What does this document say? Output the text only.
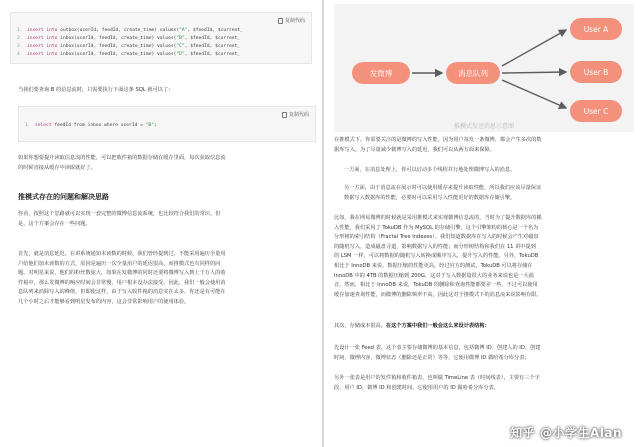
复制代码
1 insert into outbox(userId, feedId, create_time) values("A", $feedId, $current_
2 insert into inbox(userId, feedId, create_time) values("B", $feedId, $current_
3 insert into inbox(userId, feedId, create_time) values("C", $feedId, $current_
4 insert into inbox(userId, feedId, create_time) values("D", $feedId, $current_
当我们要查询 B 的信息流时，只需要执行下面这条 SQL 就可以了：
复制代码
1 select feedId from inbox where userId = "B";
如果你想要提升读取信息流的性能，可以把收件箱的数据存储在缓存里面，每次获取信息流
的时候直接从缓存中读取就好了。
推模式存在的问题和解决思路
你看，按照这个思路就可以实现一套完整的微博信息流系统，也比较符合我们的常识。但
是，这个方案会存在一些问题。
首先，就是消息延迟。在讲系统通知未读数的时候，我们曾经提到过，不能采用遍历全量用
户给他们加未读数的方式，原因是遍历一次全量用户的延迟很高，而推模式也有同样的问
题。对明星来说，他们的粉丝数庞大，如果在发微博的同时还要将微博写入到上千万人的收
件箱中，那么发微博的响应时间会非常慢，用户根本没办法接受。因此，我们一般会使用消
息队列来消除写入的峰值，但即使这样，由于写入收件箱的消息实在太多，你还是有可能在
几个小时之后才能够看到明星发布的内容，这会非常影响用户的使用体验。
发微博	消息队列
User A
User B
User C
推模式发送消息示意图
在推模式下，你需要关注的是微博的写入性能。因为用户每发一条微博，都会产生多次的数
据库写入。为了尽量减少微博写入的延迟，我们可以从两方面来保障。
一方面，在消息处理上，你可以启动多个线程并行地处理微博写入的消息。
另一方面，由于消息流在展示时可以使用缓存来提升读取性能，所以我们应该尽量保证
数据写入数据库的性能，必要时可以采用写入性能更好的数据库存储引擎。
比如，我在网易微博的时候就是采用推模式来实现微博信息流的。当时为了提升数据库的插
入性能，我们采用了 TokuDB 作为 MySQL 的存储引擎，这个引擎架构的核心是一个名为
分形树的索引结构（Fractal Tree Indexes）。我们知道数据库在写入的时候会产生对磁盘
的随机写入，造成磁盘寻道，影响数据写入的性能；而分形树结构和我们在 11 讲中提到
的 LSM 一样，可以将数据的随机写入转换成顺序写入，提升写入的性能。另外，TokuDB
相比于 InnoDB 来说，数据压缩的性能更高，经过官方的测试，TokuDB 可以将存储在
InnoDB 中的 4TB 的数据压缩到 200G，这对于写入数据量很大的业务来说也是一大福
音。然而，相比于 InnoDB 来说，TokuDB 的删除和查询性能都要差一些，不过可以使用
缓存加速查询性能，而微博的删除频率不高，因此这对于推模式下的消息流来说影响有限。
其次，存储成本很高。在这个方案中我们一般会这么来设计表结构：
先设计一张 Feed 表，这个表主要存储微博的基本信息，包括微博 ID、创建人的 ID、创建
时间、微博内容、微博状态（删除还是正常）等等，它使用微博 ID 做哈希分库分表；
另外一张表是用户的发件箱和收件箱表，也叫做 TimeLine 表（时间线表），主要有三个字
段，用户 ID、微博 ID 和创建时间。它使用用户的 ID 做哈希分库分表。
知乎 @小学生Alan
